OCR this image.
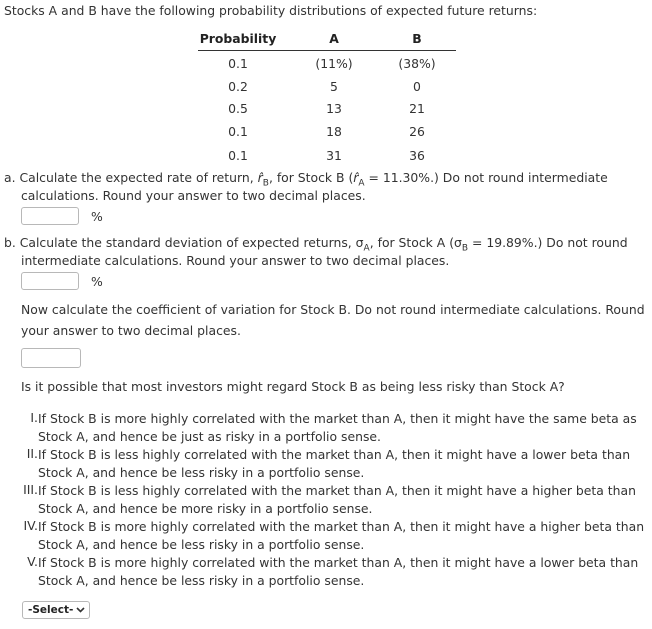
Stocks A and B have the following probability distributions of expected future returns:
Probability	A	B
0.1	(11%)	(38%)
0.2	5	0
0.5	13	21
0.1	18	26
0.1	31	36
a. Calculate the expected rate of return, $r̂_B$, for Stock B $(r̂_A = 11.30\%.)$ Do not round intermediate
calculations. Round your answer to two decimal places.
%
b. Calculate the standard deviation of expected returns, $\sigma_A$, for Stock A $(\sigma_B = 19.89\%.)$ Do not round
intermediate calculations. Round your answer to two decimal places.
%
Now calculate the coefficient of variation for Stock B. Do not round intermediate calculations. Round
your answer to two decimal places.
Is it possible that most investors might regard Stock B as being less risky than Stock A?
I. If Stock B is more highly correlated with the market than A, then it might have the same beta as
Stock A, and hence be just as risky in a portfolio sense.
II. If Stock B is less highly correlated with the market than A, then it might have a lower beta than
Stock A, and hence be less risky in a portfolio sense.
III. If Stock B is less highly correlated with the market than A, then it might have a higher beta than
Stock A, and hence be more risky in a portfolio sense.
IV. If Stock B is more highly correlated with the market than A, then it might have a higher beta than
Stock A, and hence be less risky in a portfolio sense.
V. If Stock B is more highly correlated with the market than A, then it might have a lower beta than
Stock A, and hence be less risky in a portfolio sense.
-Select-
